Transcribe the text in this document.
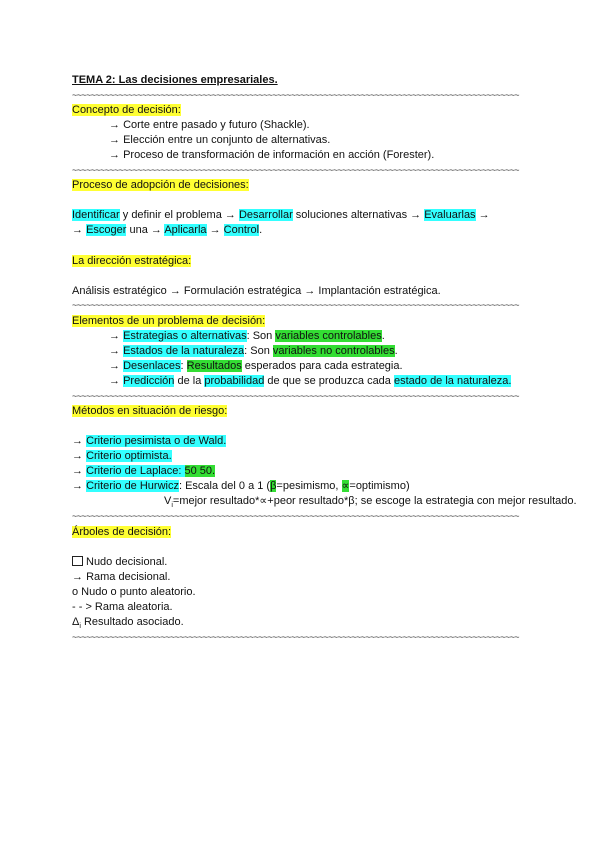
TEMA 2: Las decisiones empresariales.
~~~~~~~~~~~~~~~~~~~~~~~~~~~~~~~~~~~~~~~~~~~~~~~~~~~~~~~~~~~~~~~~~~~~~~~~~~~~~~~~~~~~~~~~~~~~~~~~
Concepto de decisión:
→ Corte entre pasado y futuro (Shackle).
→ Elección entre un conjunto de alternativas.
→ Proceso de transformación de información en acción (Forester).
~~~~~~~~~~~~~~~~~~~~~~~~~~~~~~~~~~~~~~~~~~~~~~~~~~~~~~~~~~~~~~~~~~~~~~~~~~~~~~~~~~~~~~~~~~~~~~~~
Proceso de adopción de decisiones:
Identificar y definir el problema → Desarrollar soluciones alternativas → Evaluarlas →
→ Escoger una → Aplicarla → Control.
La dirección estratégica:
Análisis estratégico → Formulación estratégica → Implantación estratégica.
~~~~~~~~~~~~~~~~~~~~~~~~~~~~~~~~~~~~~~~~~~~~~~~~~~~~~~~~~~~~~~~~~~~~~~~~~~~~~~~~~~~~~~~~~~~~~~~~
Elementos de un problema de decisión:
→ Estrategias o alternativas: Son variables controlables.
→ Estados de la naturaleza: Son variables no controlables.
→ Desenlaces: Resultados esperados para cada estrategia.
→ Predicción de la probabilidad de que se produzca cada estado de la naturaleza.
~~~~~~~~~~~~~~~~~~~~~~~~~~~~~~~~~~~~~~~~~~~~~~~~~~~~~~~~~~~~~~~~~~~~~~~~~~~~~~~~~~~~~~~~~~~~~~~~
Métodos en situación de riesgo:
→ Criterio pesimista o de Wald.
→ Criterio optimista.
→ Criterio de Laplace: 50 50.
→ Criterio de Hurwicz: Escala del 0 a 1 (β=pesimismo, ∝=optimismo)
$V_i=mejor$ resultado*∝+peor resultado*β; se escoge la estrategia con mejor resultado.
~~~~~~~~~~~~~~~~~~~~~~~~~~~~~~~~~~~~~~~~~~~~~~~~~~~~~~~~~~~~~~~~~~~~~~~~~~~~~~~~~~~~~~~~~~~~~~~~
Árboles de decisión:
Nudo decisional.
→ Rama decisional.
o Nudo o punto aleatorio.
- - > Rama aleatoria.
$\Delta_i$ Resultado asociado.
~~~~~~~~~~~~~~~~~~~~~~~~~~~~~~~~~~~~~~~~~~~~~~~~~~~~~~~~~~~~~~~~~~~~~~~~~~~~~~~~~~~~~~~~~~~~~~~~
